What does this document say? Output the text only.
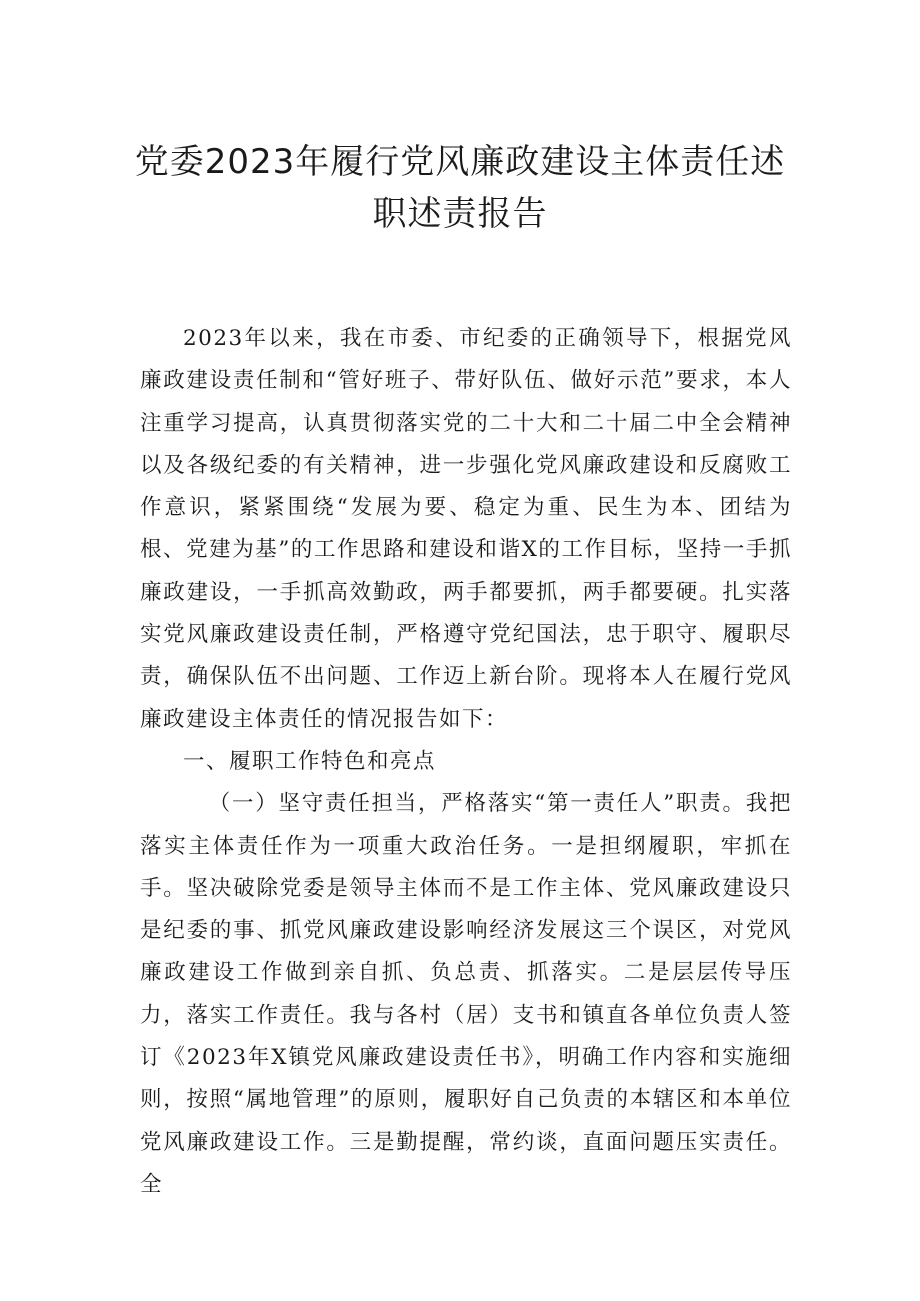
党委2023年履行党风廉政建设主体责任述
职述责报告

2023年以来，我在市委、市纪委的正确领导下，根据党风廉政建设责任制和“管好班子、带好队伍、做好示范”要求，本人注重学习提高，认真贯彻落实党的二十大和二十届二中全会精神以及各级纪委的有关精神，进一步强化党风廉政建设和反腐败工作意识，紧紧围绕“发展为要、稳定为重、民生为本、团结为根、党建为基”的工作思路和建设和谐X的工作目标，坚持一手抓廉政建设，一手抓高效勤政，两手都要抓，两手都要硬。扎实落实党风廉政建设责任制，严格遵守党纪国法，忠于职守、履职尽责，确保队伍不出问题、工作迈上新台阶。现将本人在履行党风廉政建设主体责任的情况报告如下：

一、履职工作特色和亮点

（一）坚守责任担当，严格落实“第一责任人”职责。我把落实主体责任作为一项重大政治任务。一是担纲履职，牢抓在手。坚决破除党委是领导主体而不是工作主体、党风廉政建设只是纪委的事、抓党风廉政建设影响经济发展这三个误区，对党风廉政建设工作做到亲自抓、负总责、抓落实。二是层层传导压力，落实工作责任。我与各村（居）支书和镇直各单位负责人签订《2023年X镇党风廉政建设责任书》，明确工作内容和实施细则，按照“属地管理”的原则，履职好自己负责的本辖区和本单位党风廉政建设工作。三是勤提醒，常约谈，直面问题压实责任。全
